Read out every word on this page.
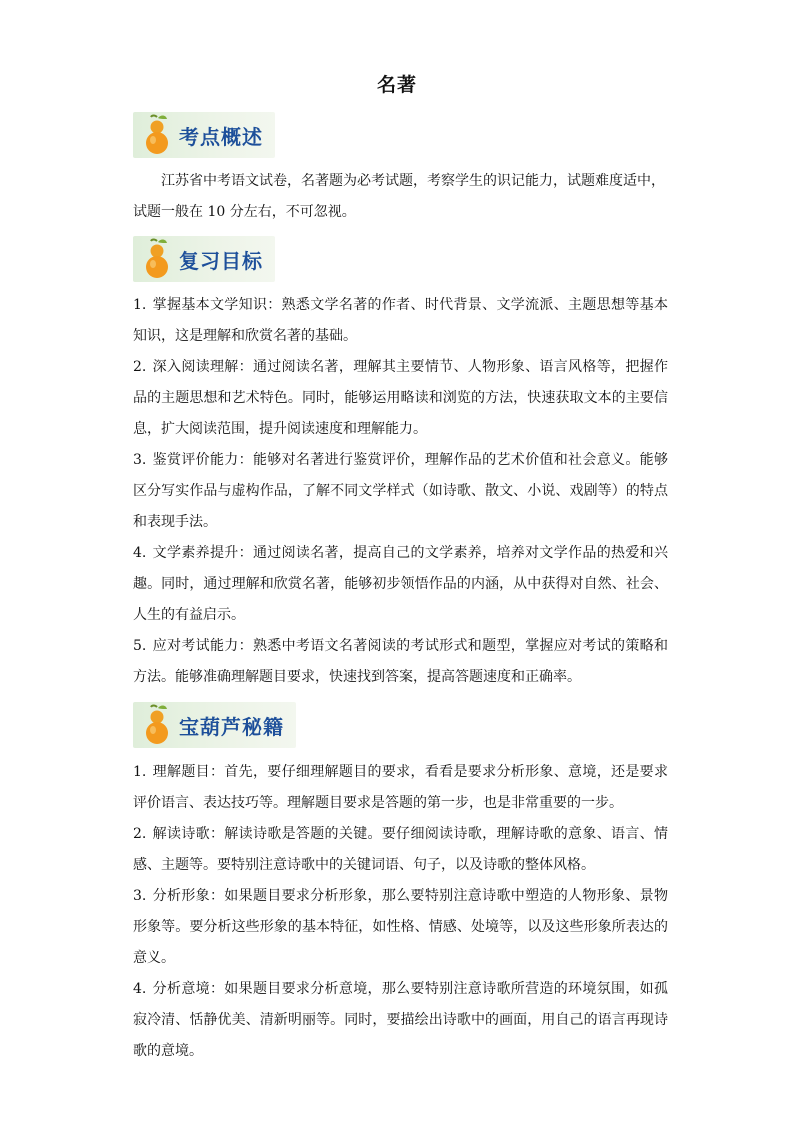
名著
考点概述

江苏省中考语文试卷，名著题为必考试题，考察学生的识记能力，试题难度适中，试题一般在 10 分左右，不可忽视。

复习目标
1. 掌握基本文学知识：熟悉文学名著的作者、时代背景、文学流派、主题思想等基本知识，这是理解和欣赏名著的基础。
2. 深入阅读理解：通过阅读名著，理解其主要情节、人物形象、语言风格等，把握作品的主题思想和艺术特色。同时，能够运用略读和浏览的方法，快速获取文本的主要信息，扩大阅读范围，提升阅读速度和理解能力。
3. 鉴赏评价能力：能够对名著进行鉴赏评价，理解作品的艺术价值和社会意义。能够区分写实作品与虚构作品，了解不同文学样式（如诗歌、散文、小说、戏剧等）的特点和表现手法。
4. 文学素养提升：通过阅读名著，提高自己的文学素养，培养对文学作品的热爱和兴趣。同时，通过理解和欣赏名著，能够初步领悟作品的内涵，从中获得对自然、社会、人生的有益启示。
5. 应对考试能力：熟悉中考语文名著阅读的考试形式和题型，掌握应对考试的策略和方法。能够准确理解题目要求，快速找到答案，提高答题速度和正确率。
宝葫芦秘籍
1. 理解题目：首先，要仔细理解题目的要求，看看是要求分析形象、意境，还是要求评价语言、表达技巧等。理解题目要求是答题的第一步，也是非常重要的一步。
2. 解读诗歌：解读诗歌是答题的关键。要仔细阅读诗歌，理解诗歌的意象、语言、情感、主题等。要特别注意诗歌中的关键词语、句子，以及诗歌的整体风格。
3. 分析形象：如果题目要求分析形象，那么要特别注意诗歌中塑造的人物形象、景物形象等。要分析这些形象的基本特征，如性格、情感、处境等，以及这些形象所表达的意义。
4. 分析意境：如果题目要求分析意境，那么要特别注意诗歌所营造的环境氛围，如孤寂冷清、恬静优美、清新明丽等。同时，要描绘出诗歌中的画面，用自己的语言再现诗歌的意境。
